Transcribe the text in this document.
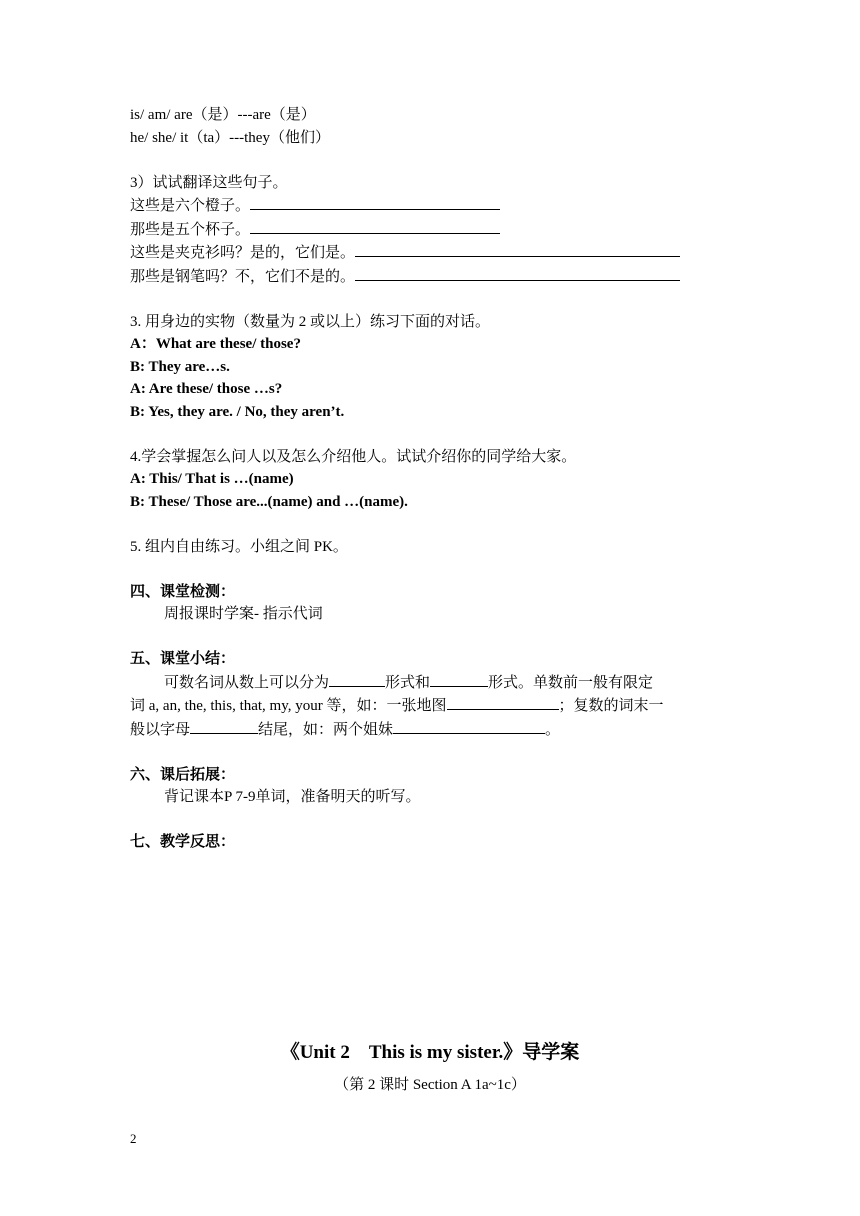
is/ am/ are（是）---are（是）
he/ she/ it（ta）---they（他们）
3）试试翻译这些句子。
这些是六个橙子。
那些是五个杯子。
这些是夹克衫吗？是的，它们是。
那些是钢笔吗？不，它们不是的。
3. 用身边的实物（数量为 2 或以上）练习下面的对话。
A：What are these/ those?
B: They are…s.
A: Are these/ those …s?
B: Yes, they are. / No, they aren’t.
4.学会掌握怎么问人以及怎么介绍他人。试试介绍你的同学给大家。
A: This/ That is …(name)
B: These/ Those are...(name) and …(name).
5. 组内自由练习。小组之间 PK。
四、课堂检测：
周报课时学案- 指示代词
五、课堂小结：
可数名词从数上可以分为	形式和	形式。单数前一般有限定
词 a, an, the, this, that, my, your 等，如：一张地图	；复数的词末一
般以字母	结尾，如：两个姐妹	。
六、课后拓展：
背记课本P 7-9单词，准备明天的听写。
七、教学反思：
《Unit 2　This is my sister.》导学案
（第 2 课时 Section A 1a~1c）
2
